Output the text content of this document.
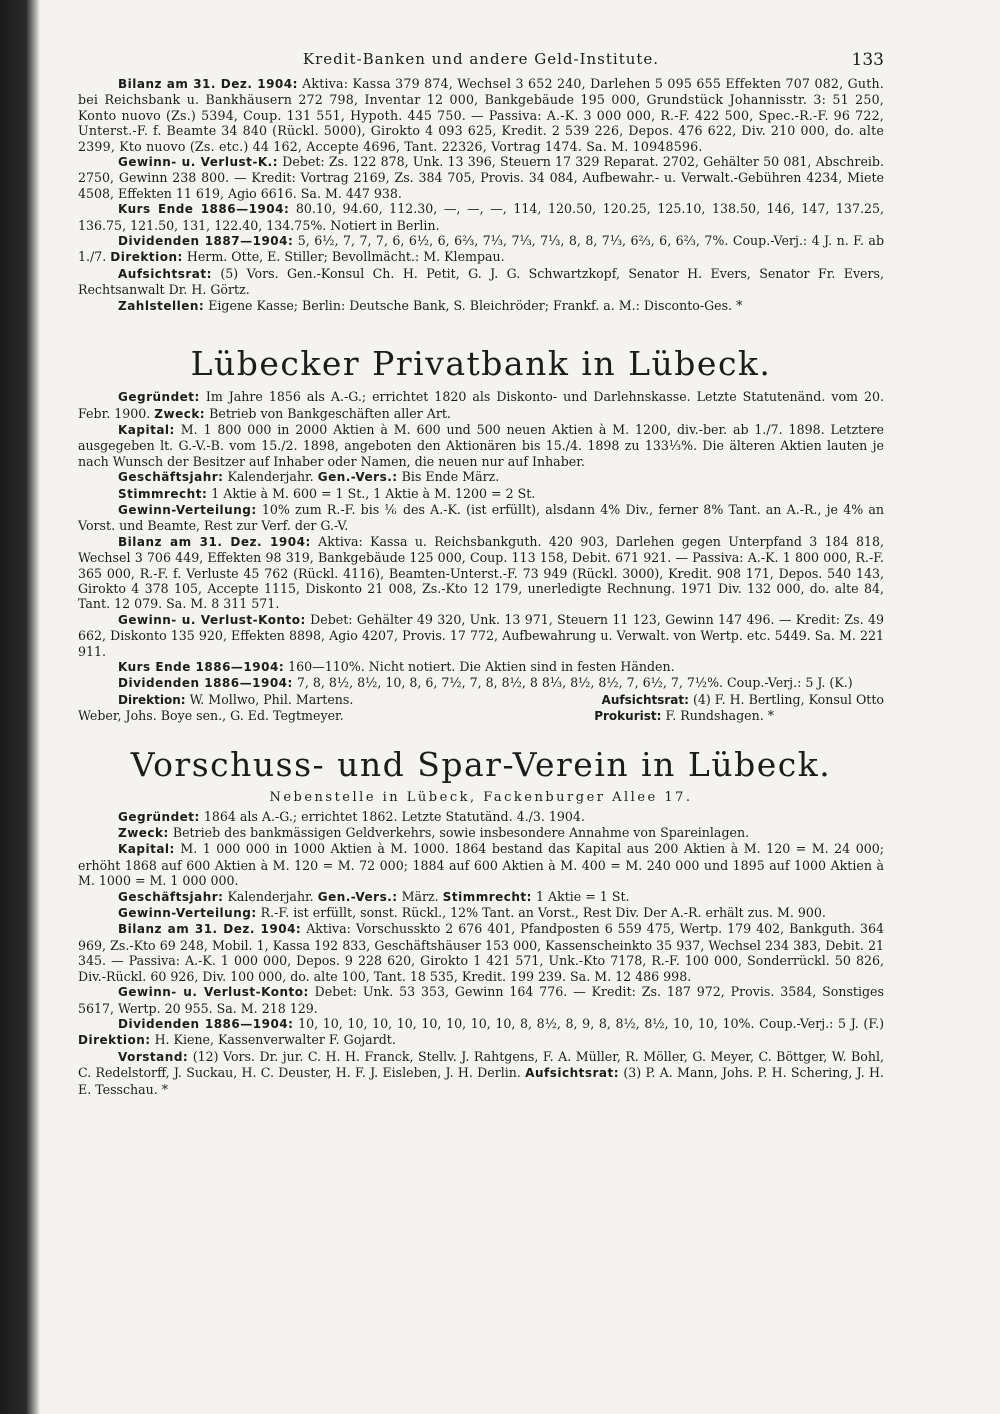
Kredit-Banken und andere Geld-Institute.	133

Bilanz am 31. Dez. 1904: Aktiva: Kassa 379 874, Wechsel 3 652 240, Darlehen 5 095 655 Effekten 707 082, Guth. bei Reichsbank u. Bankhäusern 272 798, Inventar 12 000, Bankgebäude 195 000, Grundstück Johannisstr. 3: 51 250, Konto nuovo (Zs.) 5394, Coup. 131 551, Hypoth. 445 750. — Passiva: A.-K. 3 000 000, R.-F. 422 500, Spec.-R.-F. 96 722, Unterst.-F. f. Beamte 34 840 (Rückl. 5000), Girokto 4 093 625, Kredit. 2 539 226, Depos. 476 622, Div. 210 000, do. alte 2399, Kto nuovo (Zs. etc.) 44 162, Accepte 4696, Tant. 22326, Vortrag 1474. Sa. M. 10948596.

Gewinn- u. Verlust-K.: Debet: Zs. 122 878, Unk. 13 396, Steuern 17 329 Reparat. 2702, Gehälter 50 081, Abschreib. 2750, Gewinn 238 800. — Kredit: Vortrag 2169, Zs. 384 705, Provis. 34 084, Aufbewahr.- u. Verwalt.-Gebühren 4234, Miete 4508, Effekten 11 619, Agio 6616. Sa. M. 447 938.

Kurs Ende 1886—1904: 80.10, 94.60, 112.30, —, —, —, 114, 120.50, 120.25, 125.10, 138.50, 146, 147, 137.25, 136.75, 121.50, 131, 122.40, 134.75%. Notiert in Berlin.

Dividenden 1887—1904: 5, 6½, 7, 7, 7, 6, 6½, 6, 6⅔, 7⅓, 7⅓, 7⅓, 8, 8, 7⅓, 6⅔, 6, 6⅔, 7%. Coup.-Verj.: 4 J. n. F. ab 1./7. Direktion: Herm. Otte, E. Stiller; Bevollmächt.: M. Klempau.

Aufsichtsrat: (5) Vors. Gen.-Konsul Ch. H. Petit, G. J. G. Schwartzkopf, Senator H. Evers, Senator Fr. Evers, Rechtsanwalt Dr. H. Görtz.

Zahlstellen: Eigene Kasse; Berlin: Deutsche Bank, S. Bleichröder; Frankf. a. M.: Disconto-Ges. *

Lübecker Privatbank in Lübeck.

Gegründet: Im Jahre 1856 als A.-G.; errichtet 1820 als Diskonto- und Darlehnskasse. Letzte Statutenänd. vom 20. Febr. 1900. Zweck: Betrieb von Bankgeschäften aller Art.

Kapital: M. 1 800 000 in 2000 Aktien à M. 600 und 500 neuen Aktien à M. 1200, div.-ber. ab 1./7. 1898. Letztere ausgegeben lt. G.-V.-B. vom 15./2. 1898, angeboten den Aktionären bis 15./4. 1898 zu 133⅓%. Die älteren Aktien lauten je nach Wunsch der Besitzer auf Inhaber oder Namen, die neuen nur auf Inhaber.

Geschäftsjahr: Kalenderjahr. Gen.-Vers.: Bis Ende März.

Stimmrecht: 1 Aktie à M. 600 = 1 St., 1 Aktie à M. 1200 = 2 St.

Gewinn-Verteilung: 10% zum R.-F. bis ⅙ des A.-K. (ist erfüllt), alsdann 4% Div., ferner 8% Tant. an A.-R., je 4% an Vorst. und Beamte, Rest zur Verf. der G.-V.

Bilanz am 31. Dez. 1904: Aktiva: Kassa u. Reichsbankguth. 420 903, Darlehen gegen Unterpfand 3 184 818, Wechsel 3 706 449, Effekten 98 319, Bankgebäude 125 000, Coup. 113 158, Debit. 671 921. — Passiva: A.-K. 1 800 000, R.-F. 365 000, R.-F. f. Verluste 45 762 (Rückl. 4116), Beamten-Unterst.-F. 73 949 (Rückl. 3000), Kredit. 908 171, Depos. 540 143, Girokto 4 378 105, Accepte 1115, Diskonto 21 008, Zs.-Kto 12 179, unerledigte Rechnung. 1971 Div. 132 000, do. alte 84, Tant. 12 079. Sa. M. 8 311 571.

Gewinn- u. Verlust-Konto: Debet: Gehälter 49 320, Unk. 13 971, Steuern 11 123, Gewinn 147 496. — Kredit: Zs. 49 662, Diskonto 135 920, Effekten 8898, Agio 4207, Provis. 17 772, Aufbewahrung u. Verwalt. von Wertp. etc. 5449. Sa. M. 221 911.

Kurs Ende 1886—1904: 160—110%. Nicht notiert. Die Aktien sind in festen Händen.

Dividenden 1886—1904: 7, 8, 8½, 8½, 10, 8, 6, 7½, 7, 8, 8½, 8 8⅓, 8½, 8½, 7, 6½, 7, 7½%. Coup.-Verj.: 5 J. (K.)

Direktion: W. Mollwo, Phil. Martens.	Aufsichtsrat: (4) F. H. Bertling, Konsul Otto
Weber, Johs. Boye sen., G. Ed. Tegtmeyer.	Prokurist: F. Rundshagen. *
Vorschuss- und Spar-Verein in Lübeck.
Nebenstelle in Lübeck, Fackenburger Allee 17.

Gegründet: 1864 als A.-G.; errichtet 1862. Letzte Statutänd. 4./3. 1904.

Zweck: Betrieb des bankmässigen Geldverkehrs, sowie insbesondere Annahme von Spareinlagen.

Kapital: M. 1 000 000 in 1000 Aktien à M. 1000. 1864 bestand das Kapital aus 200 Aktien à M. 120 = M. 24 000; erhöht 1868 auf 600 Aktien à M. 120 = M. 72 000; 1884 auf 600 Aktien à M. 400 = M. 240 000 und 1895 auf 1000 Aktien à M. 1000 = M. 1 000 000.

Geschäftsjahr: Kalenderjahr. Gen.-Vers.: März. Stimmrecht: 1 Aktie = 1 St.

Gewinn-Verteilung: R.-F. ist erfüllt, sonst. Rückl., 12% Tant. an Vorst., Rest Div. Der A.-R. erhält zus. M. 900.

Bilanz am 31. Dez. 1904: Aktiva: Vorschusskto 2 676 401, Pfandposten 6 559 475, Wertp. 179 402, Bankguth. 364 969, Zs.-Kto 69 248, Mobil. 1, Kassa 192 833, Geschäftshäuser 153 000, Kassenscheinkto 35 937, Wechsel 234 383, Debit. 21 345. — Passiva: A.-K. 1 000 000, Depos. 9 228 620, Girokto 1 421 571, Unk.-Kto 7178, R.-F. 100 000, Sonderrückl. 50 826, Div.-Rückl. 60 926, Div. 100 000, do. alte 100, Tant. 18 535, Kredit. 199 239. Sa. M. 12 486 998.

Gewinn- u. Verlust-Konto: Debet: Unk. 53 353, Gewinn 164 776. — Kredit: Zs. 187 972, Provis. 3584, Sonstiges 5617, Wertp. 20 955. Sa. M. 218 129.

Dividenden 1886—1904: 10, 10, 10, 10, 10, 10, 10, 10, 10, 8, 8½, 8, 9, 8, 8½, 8½, 10, 10, 10%. Coup.-Verj.: 5 J. (F.) Direktion: H. Kiene, Kassenverwalter F. Gojardt.

Vorstand: (12) Vors. Dr. jur. C. H. H. Franck, Stellv. J. Rahtgens, F. A. Müller, R. Möller, G. Meyer, C. Böttger, W. Bohl, C. Redelstorff, J. Suckau, H. C. Deuster, H. F. J. Eisleben, J. H. Derlin. Aufsichtsrat: (3) P. A. Mann, Johs. P. H. Schering, J. H. E. Tesschau. *
